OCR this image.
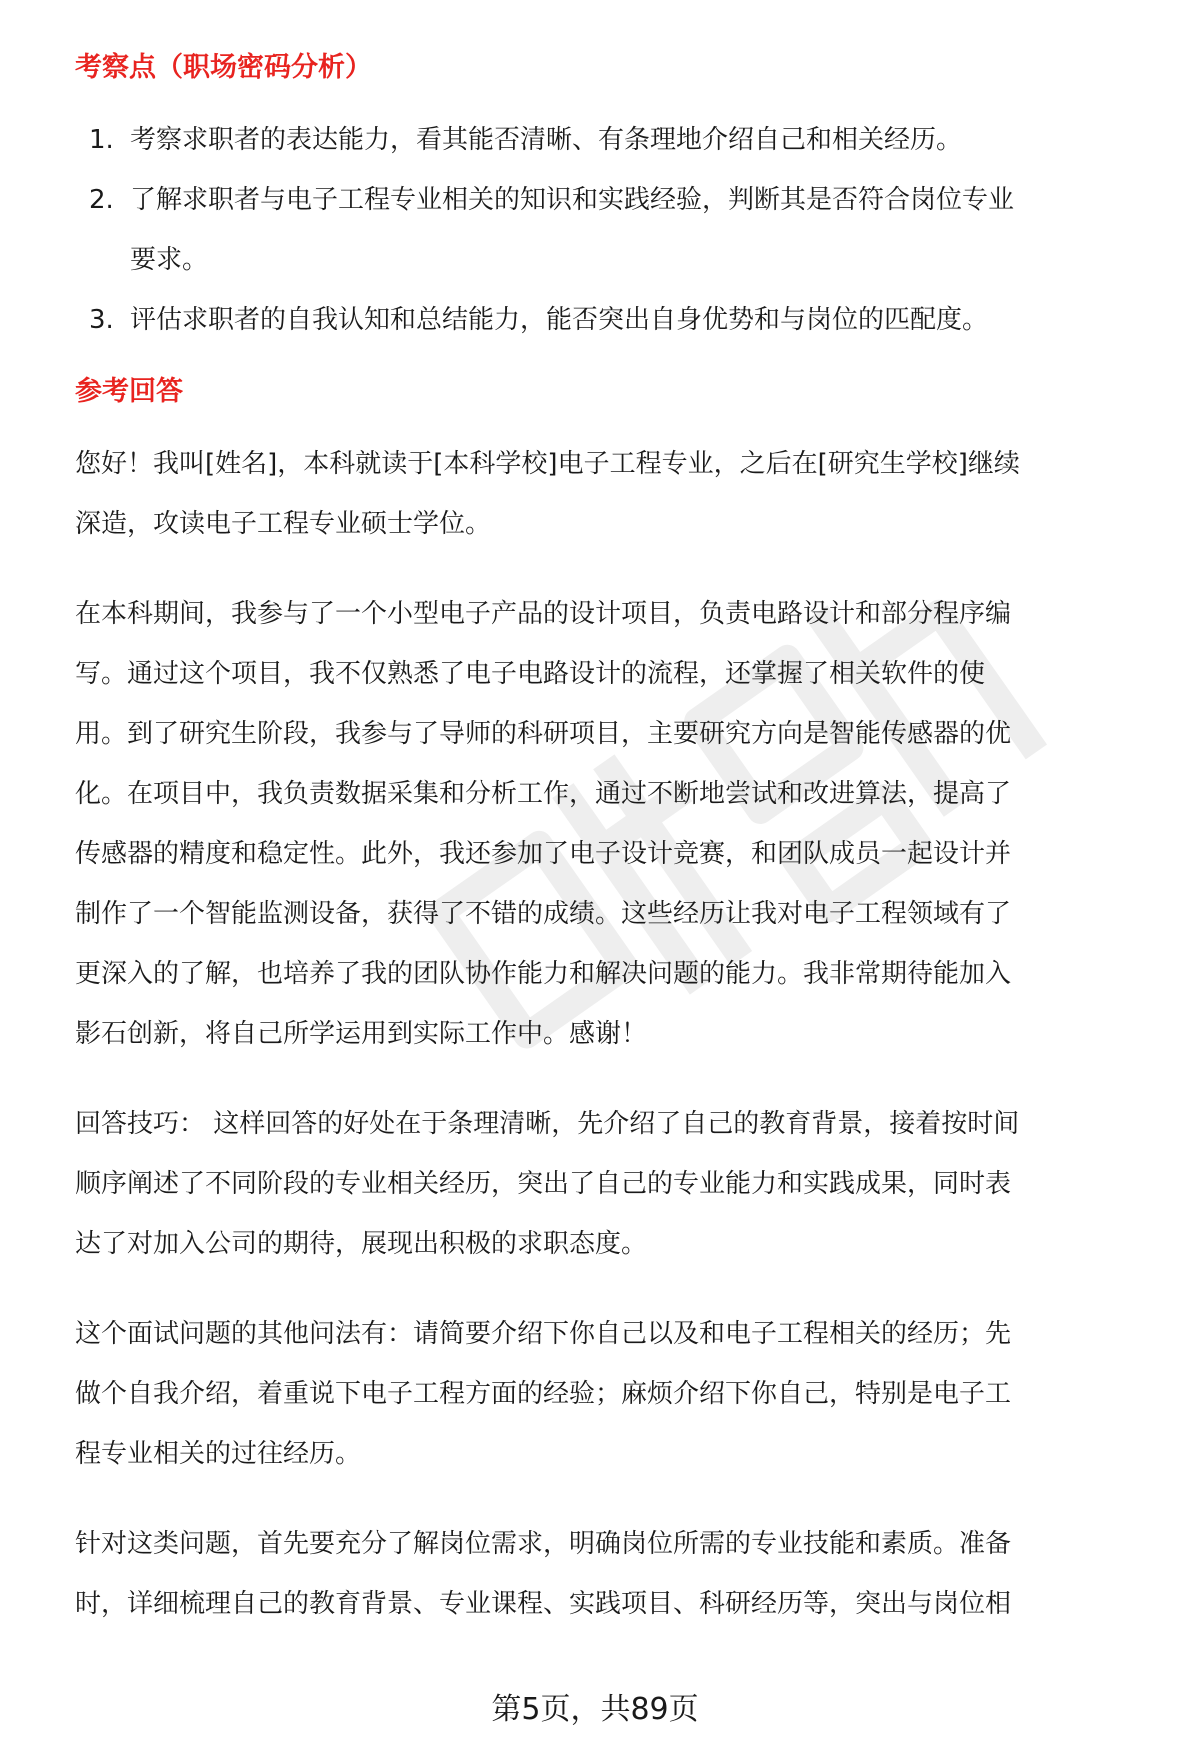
考察点（职场密码分析）
1. 考察求职者的表达能力，看其能否清晰、有条理地介绍自己和相关经历。
2. 了解求职者与电子工程专业相关的知识和实践经验，判断其是否符合岗位专业
要求。
3. 评估求职者的自我认知和总结能力，能否突出自身优势和与岗位的匹配度。
参考回答
您好！我叫[姓名]，本科就读于[本科学校]电子工程专业，之后在[研究生学校]继续
深造，攻读电子工程专业硕士学位。
在本科期间，我参与了一个小型电子产品的设计项目，负责电路设计和部分程序编
写。通过这个项目，我不仅熟悉了电子电路设计的流程，还掌握了相关软件的使
用。到了研究生阶段，我参与了导师的科研项目，主要研究方向是智能传感器的优
化。在项目中，我负责数据采集和分析工作，通过不断地尝试和改进算法，提高了
传感器的精度和稳定性。此外，我还参加了电子设计竞赛，和团队成员一起设计并
制作了一个智能监测设备，获得了不错的成绩。这些经历让我对电子工程领域有了
更深入的了解，也培养了我的团队协作能力和解决问题的能力。我非常期待能加入
影石创新，将自己所学运用到实际工作中。感谢！
回答技巧： 这样回答的好处在于条理清晰，先介绍了自己的教育背景，接着按时间
顺序阐述了不同阶段的专业相关经历，突出了自己的专业能力和实践成果，同时表
达了对加入公司的期待，展现出积极的求职态度。
这个面试问题的其他问法有：请简要介绍下你自己以及和电子工程相关的经历；先
做个自我介绍，着重说下电子工程方面的经验；麻烦介绍下你自己，特别是电子工
程专业相关的过往经历。
针对这类问题，首先要充分了解岗位需求，明确岗位所需的专业技能和素质。准备
时，详细梳理自己的教育背景、专业课程、实践项目、科研经历等，突出与岗位相
第5页，共89页
